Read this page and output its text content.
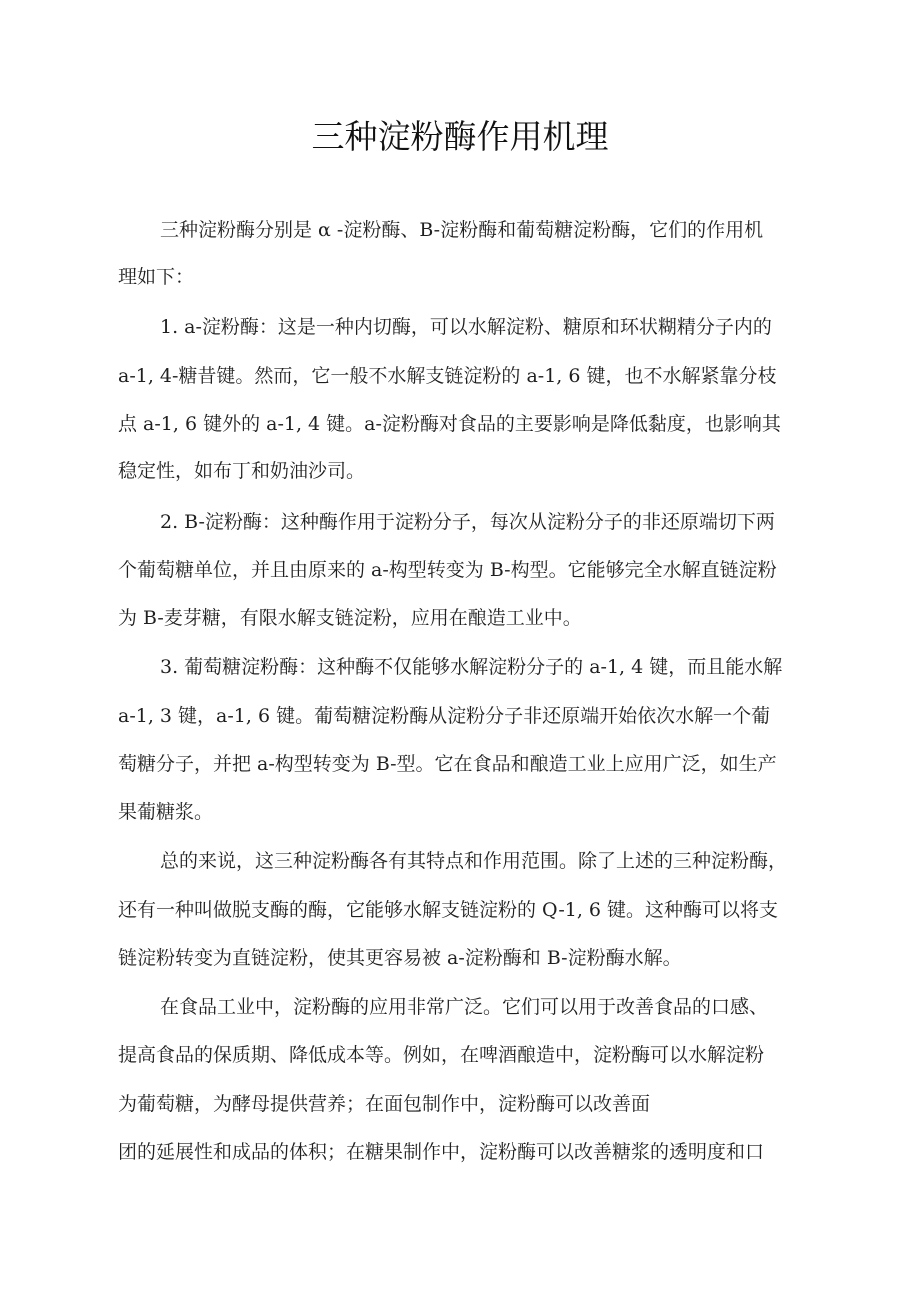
三种淀粉酶作用机理
三种淀粉酶分别是 α -淀粉酶、B-淀粉酶和葡萄糖淀粉酶，它们的作用机
理如下：
1. a-淀粉酶：这是一种内切酶，可以水解淀粉、糖原和环状糊精分子内的
a-1, 4-糖昔键。然而，它一般不水解支链淀粉的 a-1, 6 键，也不水解紧靠分枝
点 a-1, 6 键外的 a-1, 4 键。a-淀粉酶对食品的主要影响是降低黏度，也影响其
稳定性，如布丁和奶油沙司。
2. B-淀粉酶：这种酶作用于淀粉分子，每次从淀粉分子的非还原端切下两
个葡萄糖单位，并且由原来的 a-构型转变为 B-构型。它能够完全水解直链淀粉
为 B-麦芽糖，有限水解支链淀粉，应用在酿造工业中。
3. 葡萄糖淀粉酶：这种酶不仅能够水解淀粉分子的 a-1, 4 键，而且能水解
a-1, 3 键，a-1, 6 键。葡萄糖淀粉酶从淀粉分子非还原端开始依次水解一个葡
萄糖分子，并把 a-构型转变为 B-型。它在食品和酿造工业上应用广泛，如生产
果葡糖浆。
总的来说，这三种淀粉酶各有其特点和作用范围。除了上述的三种淀粉酶，
还有一种叫做脱支酶的酶，它能够水解支链淀粉的 Q-1, 6 键。这种酶可以将支
链淀粉转变为直链淀粉，使其更容易被 a-淀粉酶和 B-淀粉酶水解。
在食品工业中，淀粉酶的应用非常广泛。它们可以用于改善食品的口感、
提高食品的保质期、降低成本等。例如，在啤酒酿造中，淀粉酶可以水解淀粉
为葡萄糖，为酵母提供营养；在面包制作中，淀粉酶可以改善面
团的延展性和成品的体积；在糖果制作中，淀粉酶可以改善糖浆的透明度和口
